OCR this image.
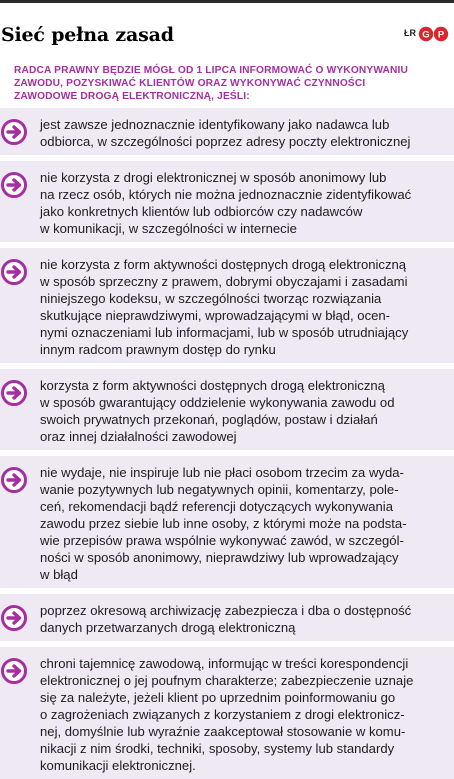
Sieć pełna zasad	ŁR G P
RADCA PRAWNY BĘDZIE MÓGŁ OD 1 LIPCA INFORMOWAĆ O WYKONYWANIU
ZAWODU, POZYSKIWAĆ KLIENTÓW ORAZ WYKONYWAĆ CZYNNOŚCI
ZAWODOWE DROGĄ ELEKTRONICZNĄ, JEŚLI:
jest zawsze jednoznacznie identyfikowany jako nadawca lub
odbiorca, w szczególności poprzez adresy poczty elektronicznej
nie korzysta z drogi elektronicznej w sposób anonimowy lub
na rzecz osób, których nie można jednoznacznie zidentyfikować
jako konkretnych klientów lub odbiorców czy nadawców
w komunikacji, w szczególności w internecie
nie korzysta z form aktywności dostępnych drogą elektroniczną
w sposób sprzeczny z prawem, dobrymi obyczajami i zasadami
niniejszego kodeksu, w szczególności tworząc rozwiązania
skutkujące nieprawdziwymi, wprowadzającymi w błąd, ocen-
nymi oznaczeniami lub informacjami, lub w sposób utrudniający
innym radcom prawnym dostęp do rynku
korzysta z form aktywności dostępnych drogą elektroniczną
w sposób gwarantujący oddzielenie wykonywania zawodu od
swoich prywatnych przekonań, poglądów, postaw i działań
oraz innej działalności zawodowej
nie wydaje, nie inspiruje lub nie płaci osobom trzecim za wyda-
wanie pozytywnych lub negatywnych opinii, komentarzy, pole-
ceń, rekomendacji bądź referencji dotyczących wykonywania
zawodu przez siebie lub inne osoby, z którymi może na podsta-
wie przepisów prawa wspólnie wykonywać zawód, w szczegól-
ności w sposób anonimowy, nieprawdziwy lub wprowadzający
w błąd
poprzez okresową archiwizację zabezpiecza i dba o dostępność
danych przetwarzanych drogą elektroniczną
chroni tajemnicę zawodową, informując w treści korespondencji
elektronicznej o jej poufnym charakterze; zabezpieczenie uznaje
się za należyte, jeżeli klient po uprzednim poinformowaniu go
o zagrożeniach związanych z korzystaniem z drogi elektronicz-
nej, domyślnie lub wyraźnie zaakceptował stosowanie w komu-
nikacji z nim środki, techniki, sposoby, systemy lub standardy
komunikacji elektronicznej.
